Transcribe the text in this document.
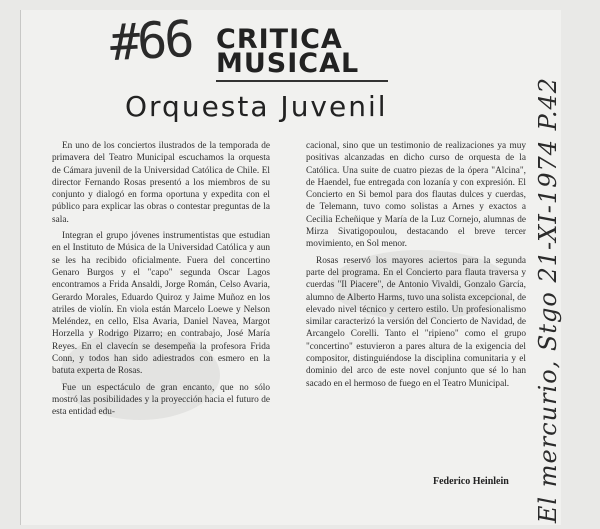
#66 CRITICA
MUSICAL
Orquesta Juvenil

En uno de los conciertos ilustrados de la temporada de primavera del Teatro Municipal escuchamos la orquesta de Cámara juvenil de la Universidad Católica de Chile. El director Fernando Rosas presentó a los miembros de su conjunto y dialogó en forma oportuna y expedita con el público para explicar las obras o contestar preguntas de la sala.

Integran el grupo jóvenes instrumentistas que estudian en el Instituto de Música de la Universidad Católica y aun se les ha recibido oficialmente. Fuera del concertino Genaro Burgos y el "capo" segunda Oscar Lagos encontramos a Frida Ansaldi, Jorge Román, Celso Avaria, Gerardo Morales, Eduardo Quiroz y Jaime Muñoz en los atriles de violín. En viola están Marcelo Loewe y Nelson Meléndez, en cello, Elsa Avaria, Daniel Navea, Margot Horzella y Rodrigo Pizarro; en contrabajo, José María Reyes. En el clavecín se desempeña la profesora Frida Conn, y todos han sido adiestrados con esmero en la batuta experta de Rosas.

Fue un espectáculo de gran encanto, que no sólo mostró las posibilidades y la proyección hacia el futuro de esta entidad edu-

cacional, sino que un testimonio de realizaciones ya muy positivas alcanzadas en dicho curso de orquesta de la Católica. Una suite de cuatro piezas de la ópera "Alcina", de Haendel, fue entregada con lozanía y con expresión. El Concierto en Si bemol para dos flautas dulces y cuerdas, de Telemann, tuvo como solistas a Arnes y exactos a Cecilia Echeñique y María de la Luz Cornejo, alumnas de Mirza Sivatigopoulou, destacando el breve tercer movimiento, en Sol menor.

Rosas reservó los mayores aciertos para la segunda parte del programa. En el Concierto para flauta traversa y cuerdas "Il Piacere", de Antonio Vivaldi, Gonzalo García, alumno de Alberto Harms, tuvo una solista excepcional, de elevado nivel técnico y certero estilo. Un profesionalismo similar caracterizó la versión del Concierto de Navidad, de Arcangelo Corelli. Tanto el "ripieno" como el grupo "concertino" estuvieron a pares altura de la exigencia del compositor, distinguiéndose la disciplina comunitaria y el dominio del arco de este novel conjunto que sé lo han sacado en el hermoso de fuego en el Teatro Municipal.

Federico Heinlein El mercurio, Stgo 21-XI-1974 P.42
